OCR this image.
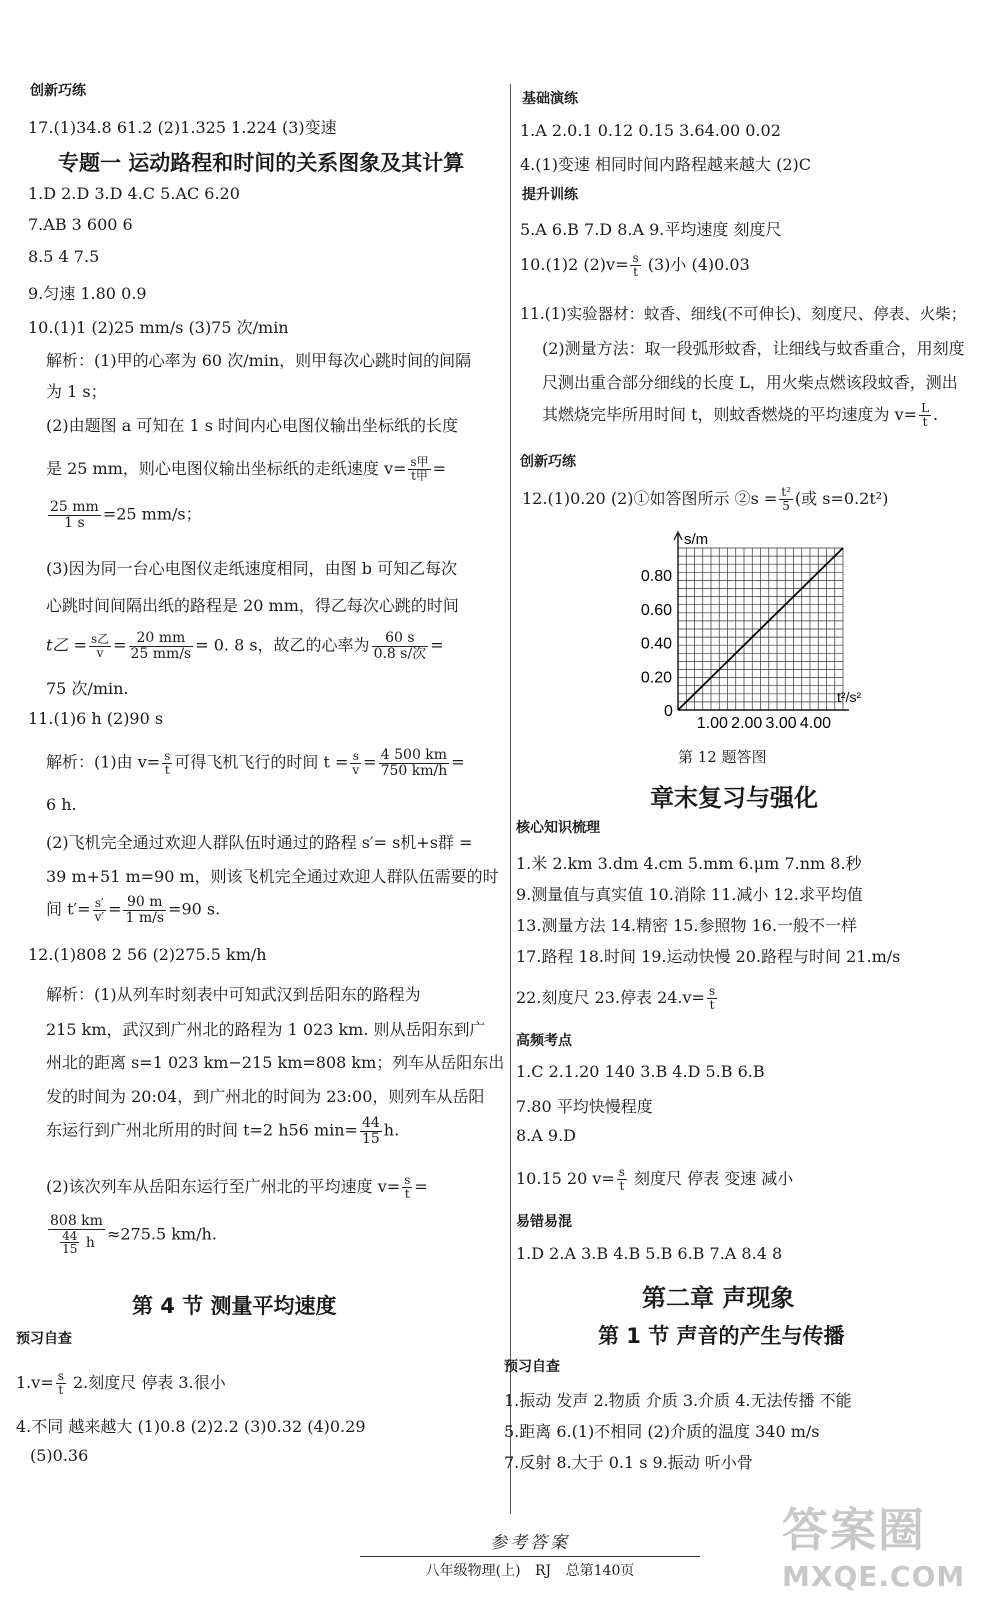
创新巧练
17.(1)34.8 61.2 (2)1.325 1.224 (3)变速
专题一 运动路程和时间的关系图象及其计算
1.D 2.D 3.D 4.C 5.AC 6.20
7.AB 3 600 6
8.5 4 7.5
9.匀速 1.80 0.9
10.(1)1 (2)25 mm/s (3)75 次/min
解析：(1)甲的心率为 60 次/min，则甲每次心跳时间的间隔
为 1 s；
(2)由题图 a 可知在 1 s 时间内心电图仪输出坐标纸的长度
是 25 mm，则心电图仪输出坐标纸的走纸速度 $v= \frac{\text{s甲}}{\text{t甲}}$ =
$\frac{25 mm}{1 s} =25$ mm/s；
(3)因为同一台心电图仪走纸速度相同，由图 b 可知乙每次
心跳时间间隔出纸的路程是 20 mm，得乙每次心跳的时间
t乙 = $\frac{\text{s乙}}{v} = \frac{20 mm}{25 mm/s} = 0$. 8 s，故乙的心率为 $\frac{60 s}{\text{0.8 s/次}}$ =
75 次/min.
11.(1)6 h (2)90 s
解析：(1)由 $v= \frac{s}{t}$ 可得飞机飞行的时间 $t = \frac{s}{v} = \frac{4 500 km}{750 km/h}$ =
6 h.
(2)飞机完全通过欢迎人群队伍时通过的路程 s′= s机+s群 =
39 m+51 m=90 m，则该飞机完全通过欢迎人群队伍需要的时
间 $t'= \frac{s'}{v'} = \frac{90 m}{1 m/s} =90$ s.
12.(1)808 2 56 (2)275.5 km/h
解析：(1)从列车时刻表中可知武汉到岳阳东的路程为
215 km，武汉到广州北的路程为 1 023 km. 则从岳阳东到广
州北的距离 s=1 023 km−215 km=808 km；列车从岳阳东出
发的时间为 20:04，到广州北的时间为 23:00，则列车从岳阳
东运行到广州北所用的时间 t=2 h56 $\min= \frac{44}{15} h$.
(2)该次列车从岳阳东运行至广州北的平均速度 $v= \frac{s}{t}$ =
$\frac{808 km}{\frac{44}{15} h} \approx 275.5$ km/h.
第 4 节 测量平均速度
预习自查
$1.v= \frac{s}{t} 2$.刻度尺 停表 3.很小
4.不同 越来越大 (1)0.8 (2)2.2 (3)0.32 (4)0.29
(5)0.36
基础演练
1.A 2.0.1 0.12 0.15 3.64.00 0.02
4.(1)变速 相同时间内路程越来越大 (2)C
提升训练
5.A 6.B 7.D 8.A 9.平均速度 刻度尺
10.(1)2 $(2)v= \frac{s}{t} (3)$小 (4)0.03
11.(1)实验器材：蚊香、细线(不可伸长)、刻度尺、停表、火柴；
(2)测量方法：取一段弧形蚊香，让细线与蚊香重合，用刻度
尺测出重合部分细线的长度 L，用火柴点燃该段蚊香，测出
其燃烧完毕所用时间 t，则蚊香燃烧的平均速度为 $v= \frac{L}{t}$ .
创新巧练
12.(1)0.20 (2)①如答图所示 ②s = $\frac{\text{t²}}{5}$ (或 s=0.2t²)
s/m
t²/s²
0
0.20
0.40
0.60
0.80
1.00 2.00 3.00 4.00
第 12 题答图
章末复习与强化
核心知识梳理
1.米 2.km 3.dm 4.cm 5.mm 6.μm 7.nm 8.秒
9.测量值与真实值 10.消除 11.减小 12.求平均值
13.测量方法 14.精密 15.参照物 16.一般不一样
17.路程 18.时间 19.运动快慢 20.路程与时间 21.m/s
22.刻度尺 23.停表 $24.v= \frac{s}{t}$
高频考点
1.C 2.1.20 140 3.B 4.D 5.B 6.B
7.80 平均快慢程度
8.A 9.D
10.15 20 $v= \frac{s}{t}$ 刻度尺 停表 变速 减小
易错易混
1.D 2.A 3.B 4.B 5.B 6.B 7.A 8.4 8
第二章 声现象
第 1 节 声音的产生与传播
预习自查
1.振动 发声 2.物质 介质 3.介质 4.无法传播 不能
5.距离 6.(1)不相同 (2)介质的温度 340 m/s
7.反射 8.大于 0.1 s 9.振动 听小骨
参考答案
八年级物理(上) RJ 总第140页
答案圈
MXQE.COM
